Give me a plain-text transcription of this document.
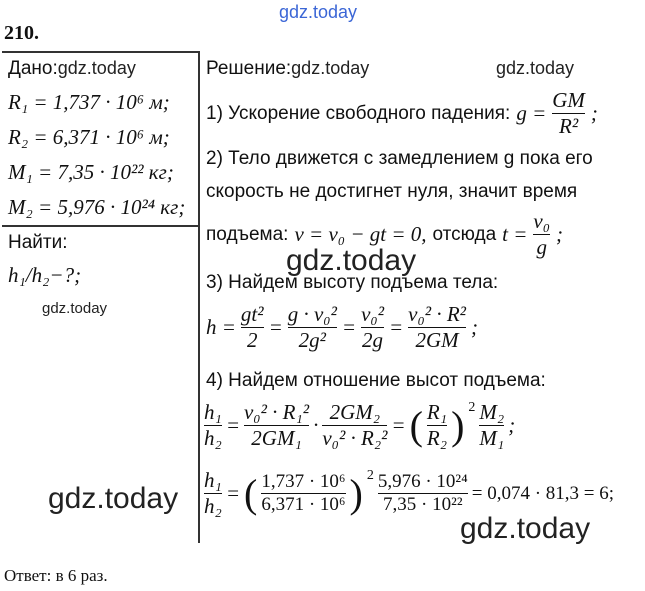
210.
gdz.today
Дано:gdz.today
R₁ = 1,737 · 10⁶ м;
R₂ = 6,371 · 10⁶ м;
M₁ = 7,35 · 10²² кг;
M₂ = 5,976 · 10²⁴ кг;
Найти:
h₁/h₂−?;
gdz.today
Решение:gdz.today	gdz.today
1) Ускорение свободного падения: $g = \frac{GM}{\text{R²}}$ ;
2) Тело движется с замедлением g пока его
скорость не достигнет нуля, значит время
подъема: v = v₀ − gt = 0, отсюда $t = \frac{\text{v₀}}{g}$ ;
gdz.today
3) Найдем высоту подъема тела:
$h = \frac{\text{gt²}}{2} = \frac{\text{g · v₀²}}{\text{2g²}} = \frac{\text{v₀²}}{2g} = \frac{\text{v₀² · R²}}{2GM}$ ;
4) Найдем отношение высот подъема:
$\frac{\text{h₁}}{\text{h₂}} = \frac{\text{v₀² · R₁²}}{\text{2GM₁}} \cdot \frac{\text{2GM₂}}{\text{v₀² · R₂²}}$ = ( $\frac{\text{R₁}}{\text{R₂}}$ ) $2 \frac{\text{M₂}}{\text{M₁}}$ ;
$\frac{\text{h₁}}{\text{h₂}}$ = ( $\frac{\text{1,737 · 10⁶}}{\text{6,371 · 10⁶}}$ ) $2 \frac{\text{5,976 · 10²⁴}}{\text{7,35 · 10²²}} = 0,074 \cdot 81,3 = 6$;
gdz.today
gdz.today
Ответ: в 6 раз.
